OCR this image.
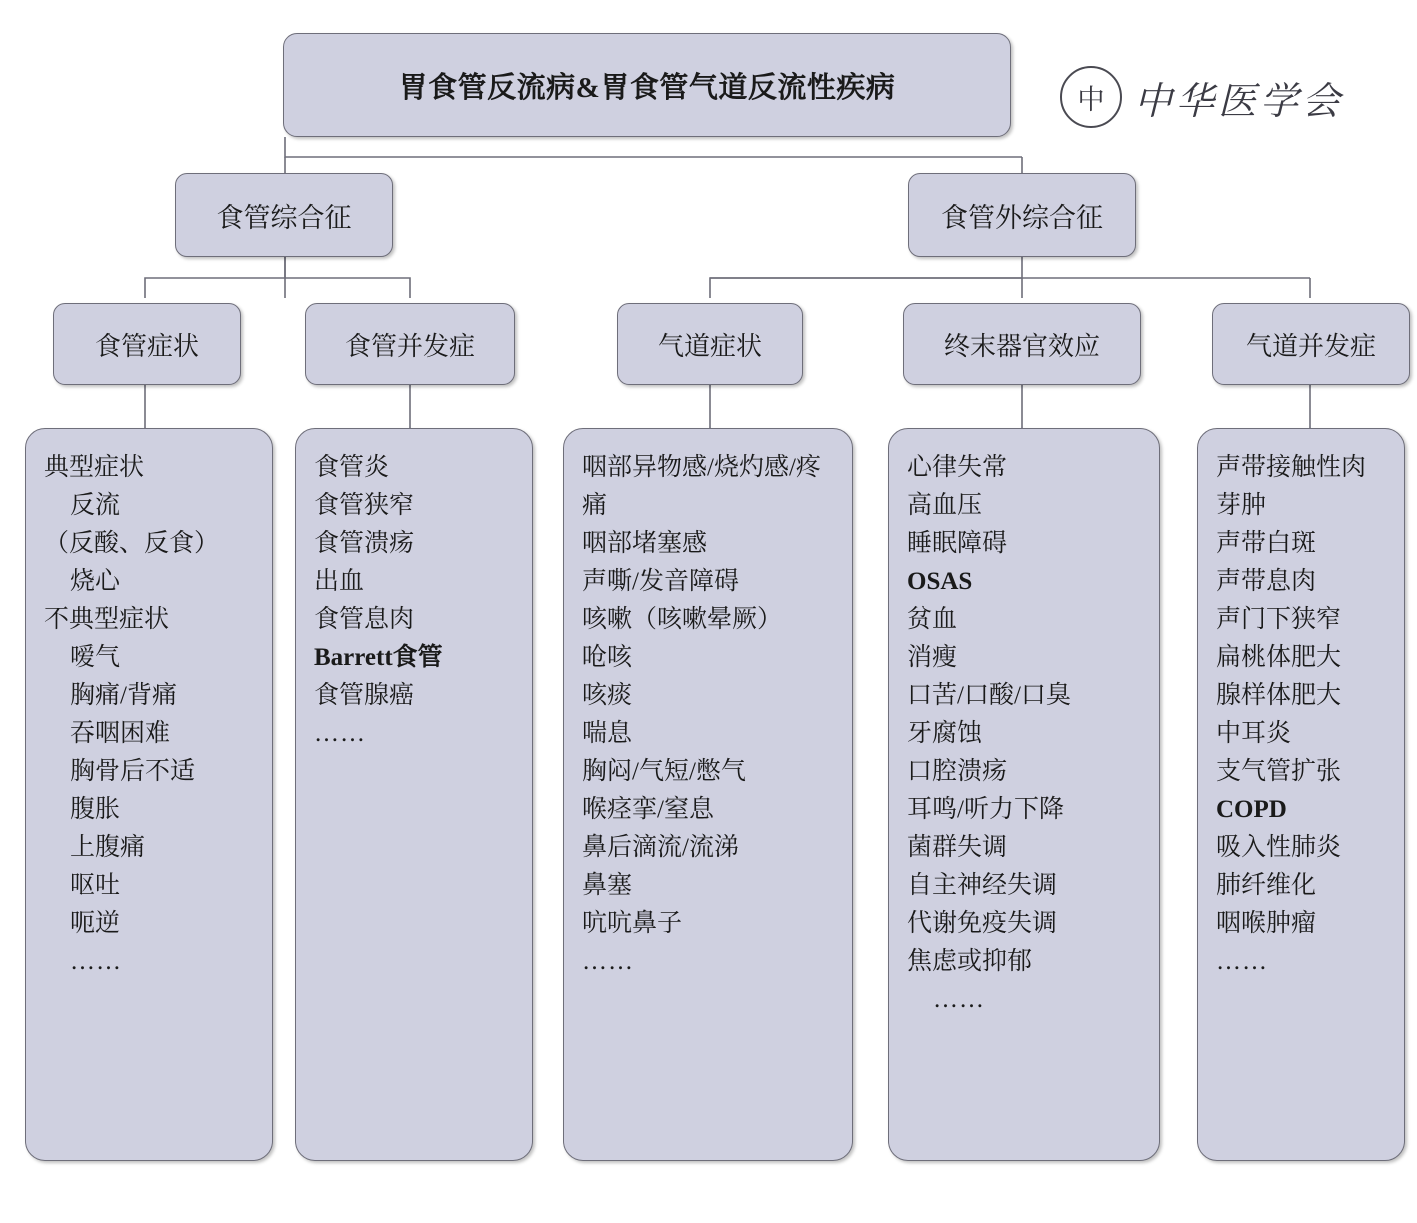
胃食管反流病&胃食管气道反流性疾病	中 中华医学会
食管综合征	食管外综合征
食管症状	食管并发症	气道症状	终末器官效应	气道并发症
典型症状
反流
（反酸、反食）
烧心
不典型症状
嗳气
胸痛/背痛
吞咽困难
胸骨后不适
腹胀
上腹痛
呕吐
呃逆
……
食管炎
食管狭窄
食管溃疡
出血
食管息肉
Barrett食管
食管腺癌
……
咽部异物感/烧灼感/疼痛
咽部堵塞感
声嘶/发音障碍
咳嗽（咳嗽晕厥）
呛咳
咳痰
喘息
胸闷/气短/憋气
喉痉挛/窒息
鼻后滴流/流涕
鼻塞
吭吭鼻子
……
心律失常
高血压
睡眠障碍
OSAS
贫血
消瘦
口苦/口酸/口臭
牙腐蚀
口腔溃疡
耳鸣/听力下降
菌群失调
自主神经失调
代谢免疫失调
焦虑或抑郁
……
声带接触性肉芽肿
声带白斑
声带息肉
声门下狭窄
扁桃体肥大
腺样体肥大
中耳炎
支气管扩张
COPD
吸入性肺炎
肺纤维化
咽喉肿瘤
……
